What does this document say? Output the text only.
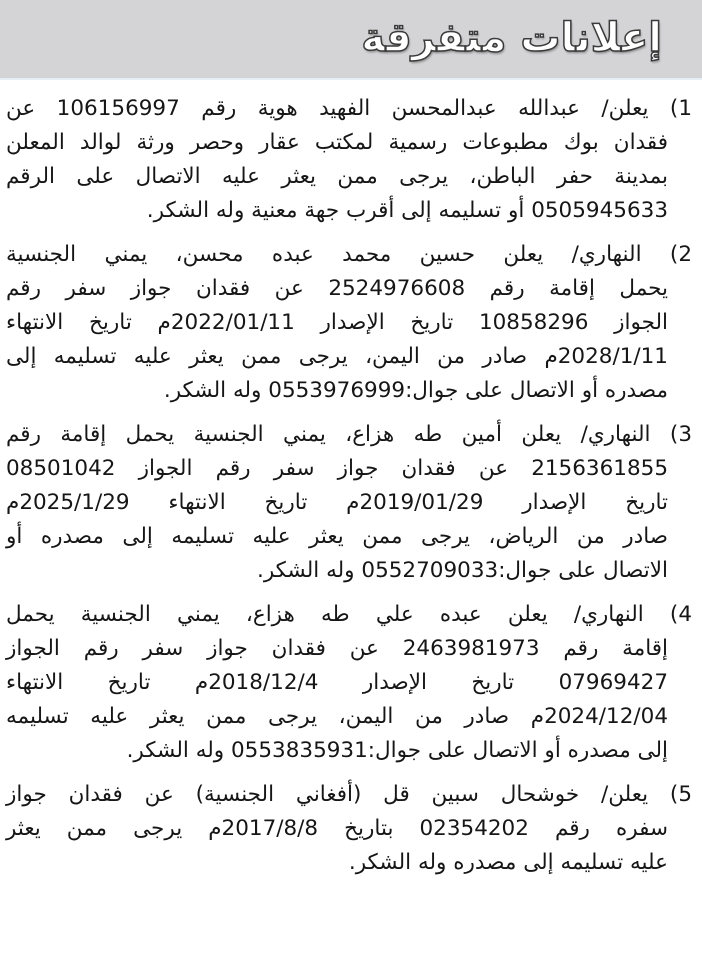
إعلانات متفرقة
1) يعلن/ عبدالله عبدالمحسن الفهيد هوية رقم 106156997 عن
فقدان بوك مطبوعات رسمية لمكتب عقار وحصر ورثة لوالد المعلن
بمدينة حفر الباطن، يرجى ممن يعثر عليه الاتصال على الرقم
0505945633 أو تسليمه إلى أقرب جهة معنية وله الشكر.
2) النهاري/ يعلن حسين محمد عبده محسن، يمني الجنسية
يحمل إقامة رقم 2524976608 عن فقدان جواز سفر رقم
الجواز 10858296 تاريخ الإصدار 2022/01/11م تاريخ الانتهاء
2028/1/11م صادر من اليمن، يرجى ممن يعثر عليه تسليمه إلى
مصدره أو الاتصال على جوال:0553976999 وله الشكر.
3) النهاري/ يعلن أمين طه هزاع، يمني الجنسية يحمل إقامة رقم
2156361855 عن فقدان جواز سفر رقم الجواز 08501042
تاريخ الإصدار 2019/01/29م تاريخ الانتهاء 2025/1/29م
صادر من الرياض، يرجى ممن يعثر عليه تسليمه إلى مصدره أو
الاتصال على جوال:0552709033 وله الشكر.
4) النهاري/ يعلن عبده علي طه هزاع، يمني الجنسية يحمل
إقامة رقم 2463981973 عن فقدان جواز سفر رقم الجواز
07969427 تاريخ الإصدار 2018/12/4م تاريخ الانتهاء
2024/12/04م صادر من اليمن، يرجى ممن يعثر عليه تسليمه
إلى مصدره أو الاتصال على جوال:0553835931 وله الشكر.
5) يعلن/ خوشحال سبين قل (أفغاني الجنسية) عن فقدان جواز
سفره رقم 02354202 بتاريخ 2017/8/8م يرجى ممن يعثر
عليه تسليمه إلى مصدره وله الشكر.
